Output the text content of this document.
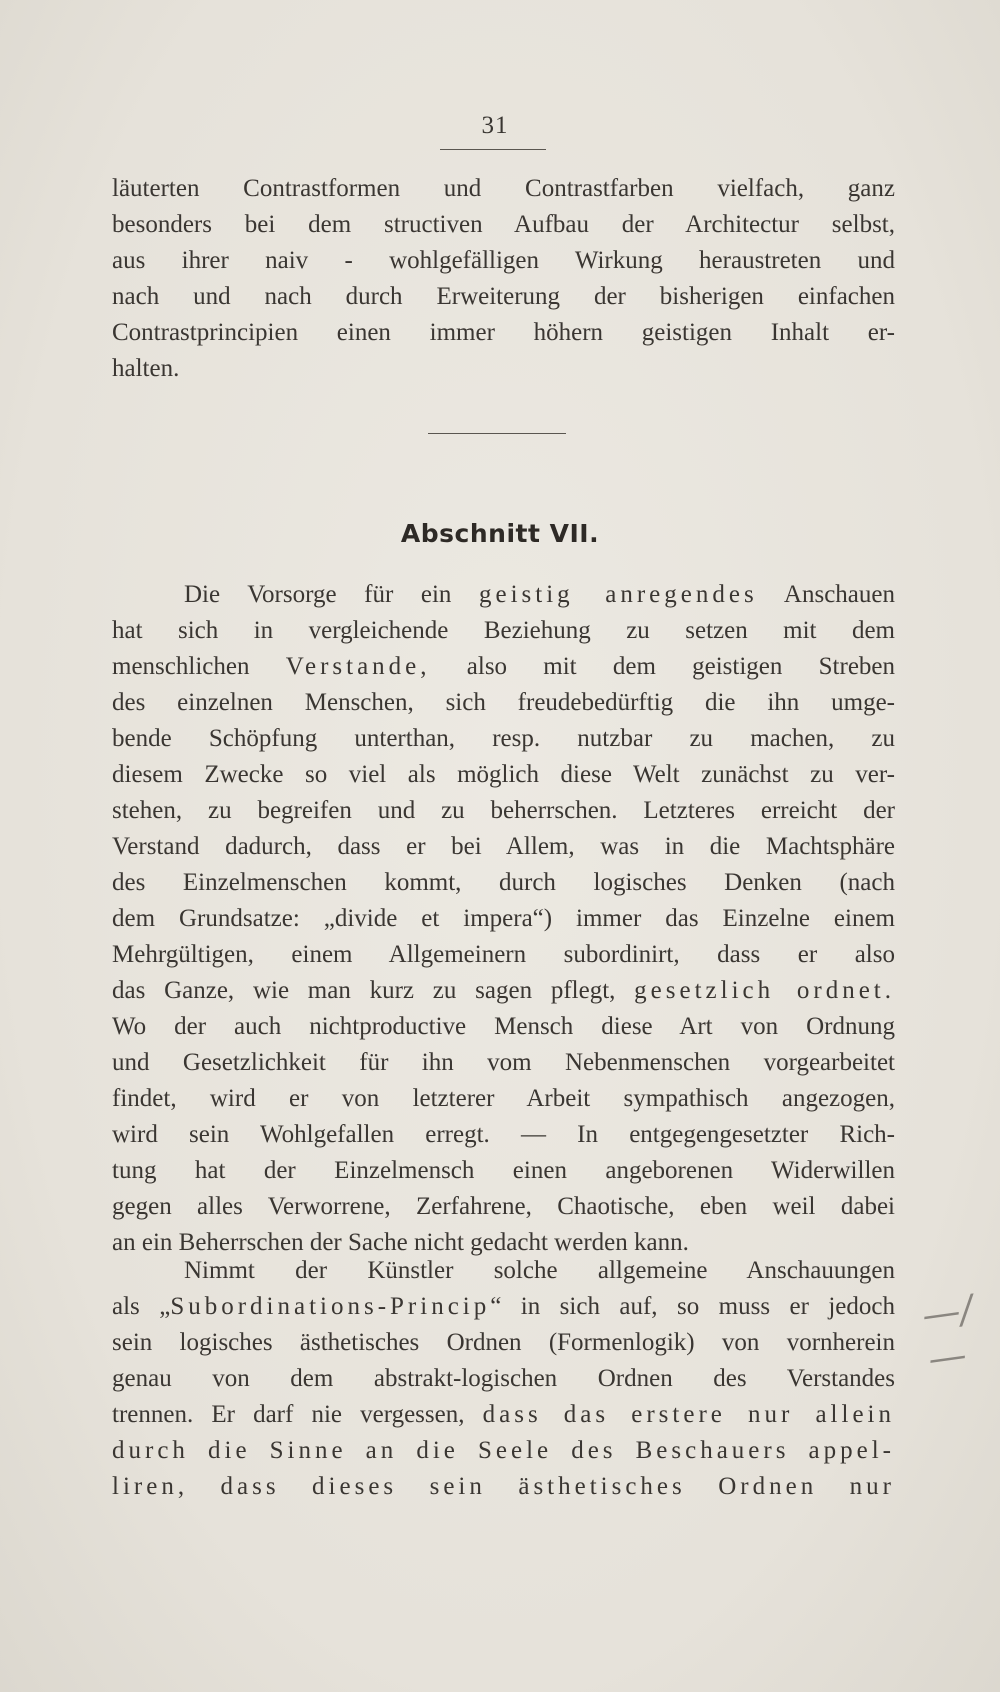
31
läuterten Contrastformen und Contrastfarben vielfach, ganz
besonders bei dem structiven Aufbau der Architectur selbst,
aus ihrer naiv - wohlgefälligen Wirkung heraustreten und
nach und nach durch Erweiterung der bisherigen einfachen
Contrastprincipien einen immer höhern geistigen Inhalt er-
halten.
Abschnitt VII.
Die Vorsorge für ein geistig anregendes Anschauen
hat sich in vergleichende Beziehung zu setzen mit dem
menschlichen Verstande, also mit dem geistigen Streben
des einzelnen Menschen, sich freudebedürftig die ihn umge-
bende Schöpfung unterthan, resp. nutzbar zu machen, zu
diesem Zwecke so viel als möglich diese Welt zunächst zu ver-
stehen, zu begreifen und zu beherrschen. Letzteres erreicht der
Verstand dadurch, dass er bei Allem, was in die Machtsphäre
des Einzelmenschen kommt, durch logisches Denken (nach
dem Grundsatze: „divide et impera“) immer das Einzelne einem
Mehrgültigen, einem Allgemeinern subordinirt, dass er also
das Ganze, wie man kurz zu sagen pflegt, gesetzlich ordnet.
Wo der auch nichtproductive Mensch diese Art von Ordnung
und Gesetzlichkeit für ihn vom Nebenmenschen vorgearbeitet
findet, wird er von letzterer Arbeit sympathisch angezogen,
wird sein Wohlgefallen erregt. — In entgegengesetzter Rich-
tung hat der Einzelmensch einen angeborenen Widerwillen
gegen alles Verworrene, Zerfahrene, Chaotische, eben weil dabei
an ein Beherrschen der Sache nicht gedacht werden kann.
Nimmt der Künstler solche allgemeine Anschauungen
als „Subordinations-Princip“ in sich auf, so muss er jedoch
sein logisches ästhetisches Ordnen (Formenlogik) von vornherein
genau von dem abstrakt-logischen Ordnen des Verstandes
trennen. Er darf nie vergessen, dass das erstere nur allein
durch die Sinne an die Seele des Beschauers appel-
liren, dass dieses sein ästhetisches Ordnen nur
—/—
